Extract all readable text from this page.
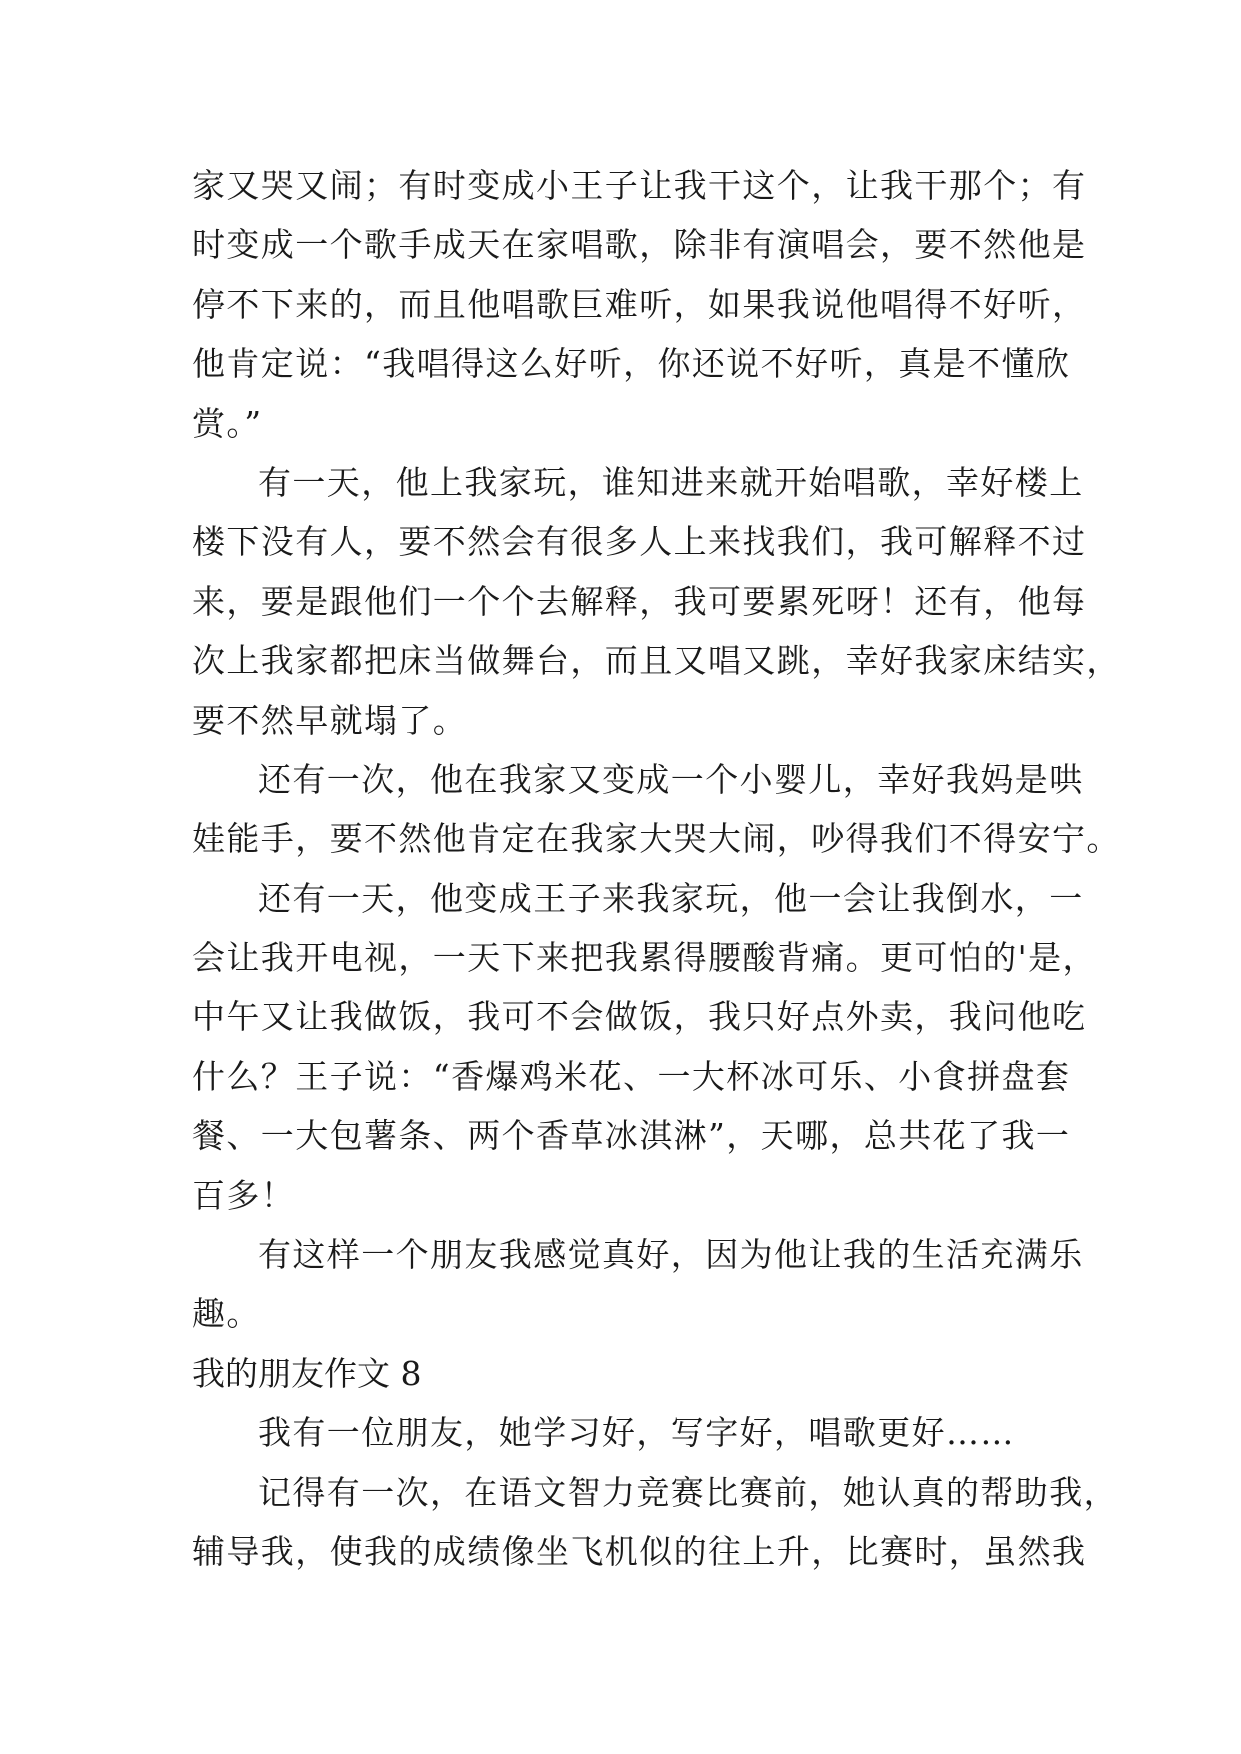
家又哭又闹；有时变成小王子让我干这个，让我干那个；有
时变成一个歌手成天在家唱歌，除非有演唱会，要不然他是
停不下来的，而且他唱歌巨难听，如果我说他唱得不好听，
他肯定说：“我唱得这么好听，你还说不好听，真是不懂欣
赏。”
有一天，他上我家玩，谁知进来就开始唱歌，幸好楼上
楼下没有人，要不然会有很多人上来找我们，我可解释不过
来，要是跟他们一个个去解释，我可要累死呀！还有，他每
次上我家都把床当做舞台，而且又唱又跳，幸好我家床结实，
要不然早就塌了。
还有一次，他在我家又变成一个小婴儿，幸好我妈是哄
娃能手，要不然他肯定在我家大哭大闹，吵得我们不得安宁。
还有一天，他变成王子来我家玩，他一会让我倒水，一
会让我开电视，一天下来把我累得腰酸背痛。更可怕的'是，
中午又让我做饭，我可不会做饭，我只好点外卖，我问他吃
什么？王子说：“香爆鸡米花、一大杯冰可乐、小食拼盘套
餐、一大包薯条、两个香草冰淇淋”，天哪，总共花了我一
百多！
有这样一个朋友我感觉真好，因为他让我的生活充满乐
趣。
我的朋友作文 8
我有一位朋友，她学习好，写字好，唱歌更好……
记得有一次，在语文智力竞赛比赛前，她认真的帮助我，
辅导我，使我的成绩像坐飞机似的往上升，比赛时，虽然我
